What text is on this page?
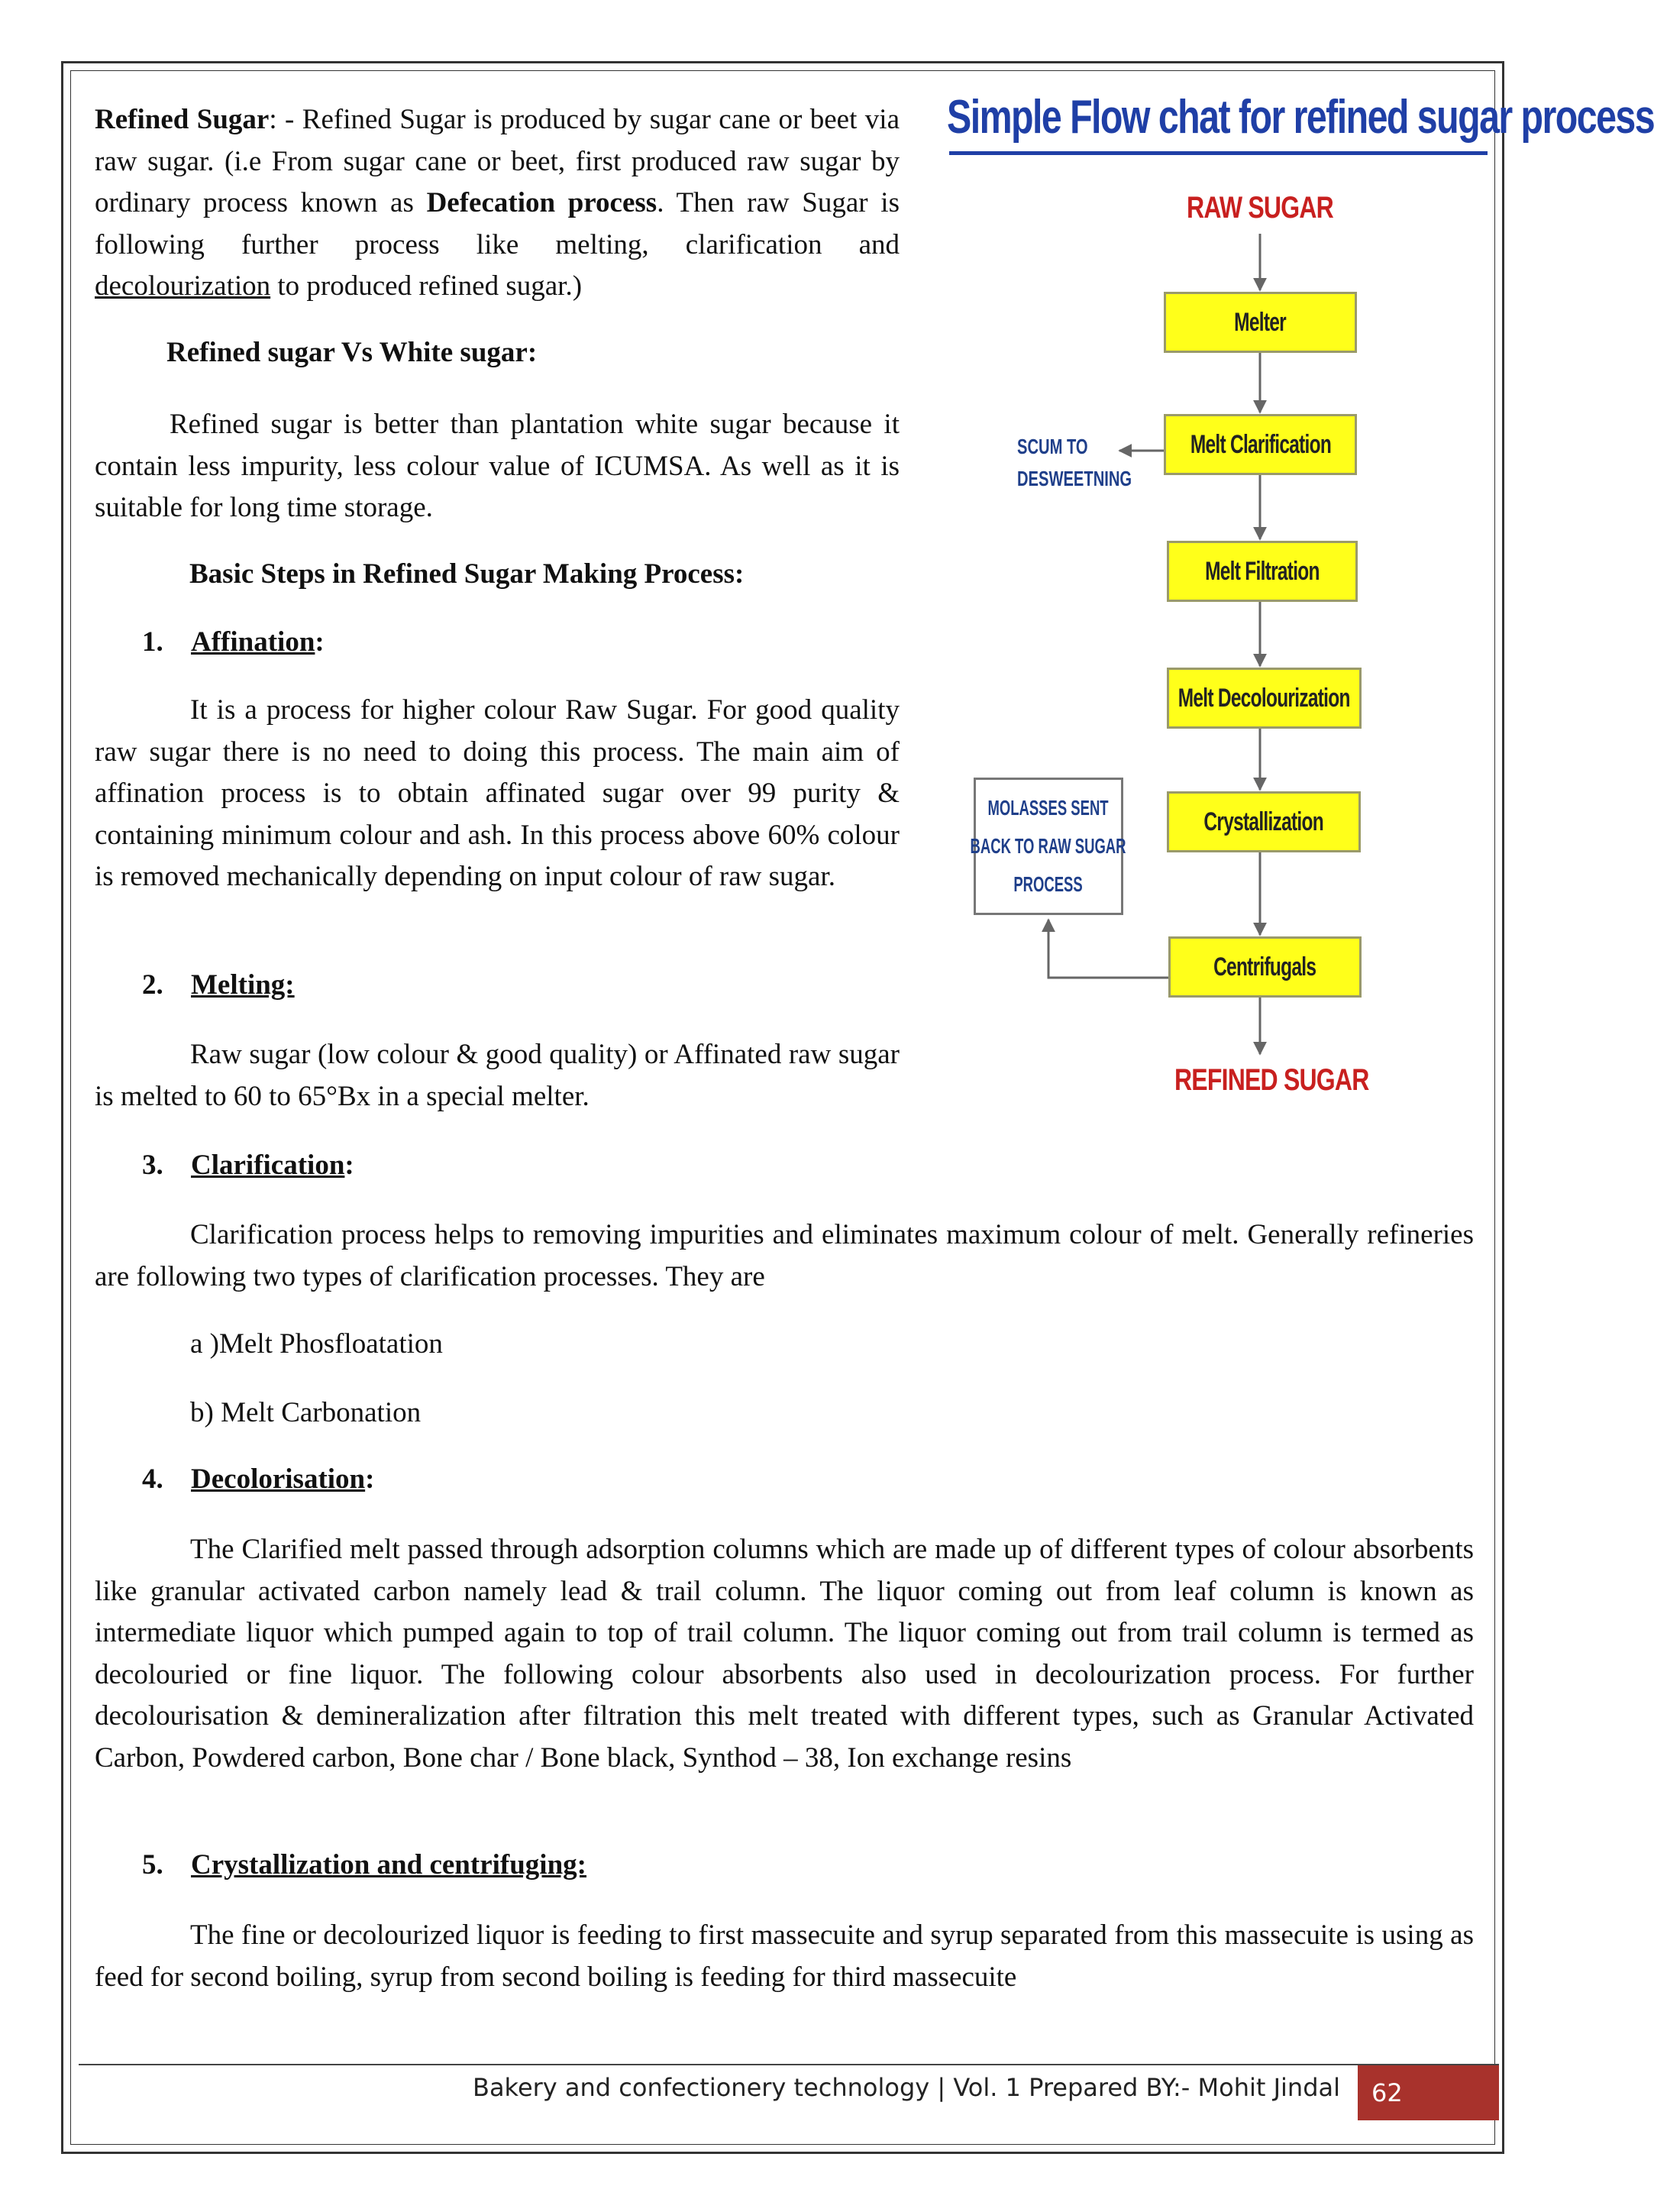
Refined Sugar: - Refined Sugar is produced by sugar cane or beet via raw sugar. (i.e From sugar cane or beet, first produced raw sugar by ordinary process known as Defecation process. Then raw Sugar is following further process like melting, clarification and decolourization to produced refined sugar.)

Refined sugar Vs White sugar:

Refined sugar is better than plantation white sugar because it contain less impurity, less colour value of ICUMSA. As well as it is suitable for long time storage.

Basic Steps in Refined Sugar Making Process:
1. Affination:

It is a process for higher colour Raw Sugar. For good quality raw sugar there is no need to doing this process. The main aim of affination process is to obtain affinated sugar over 99 purity & containing minimum colour and ash. In this process above 60% colour is removed mechanically depending on input colour of raw sugar.

2. Melting:

Raw sugar (low colour & good quality) or Affinated raw sugar is melted to 60 to 65°Bx in a special melter.

3. Clarification:

Clarification process helps to removing impurities and eliminates maximum colour of melt. Generally refineries are following two types of clarification processes. They are

a )Melt Phosfloatation
b) Melt Carbonation
4. Decolorisation:

The Clarified melt passed through adsorption columns which are made up of different types of colour absorbents like granular activated carbon namely lead & trail column. The liquor coming out from leaf column is known as intermediate liquor which pumped again to top of trail column. The liquor coming out from trail column is termed as decolouried or fine liquor. The following colour absorbents also used in decolourization process. For further decolourisation & demineralization after filtration this melt treated with different types, such as Granular Activated Carbon, Powdered carbon, Bone char / Bone black, Synthod – 38, Ion exchange resins

5. Crystallization and centrifuging:

The fine or decolourized liquor is feeding to first massecuite and syrup separated from this massecuite is using as feed for second boiling, syrup from second boiling is feeding for third massecuite

Simple Flow chat for refined sugar process
RAW SUGAR
Melter
Melt Clarification
Melt Filtration
Melt Decolourization
Crystallization
Centrifugals
REFINED SUGAR
SCUM TO
DESWEETNING
MOLASSES SENT
BACK TO RAW SUGAR
PROCESS
Bakery and confectionery technology | Vol. 1 Prepared BY:- Mohit Jindal	62
